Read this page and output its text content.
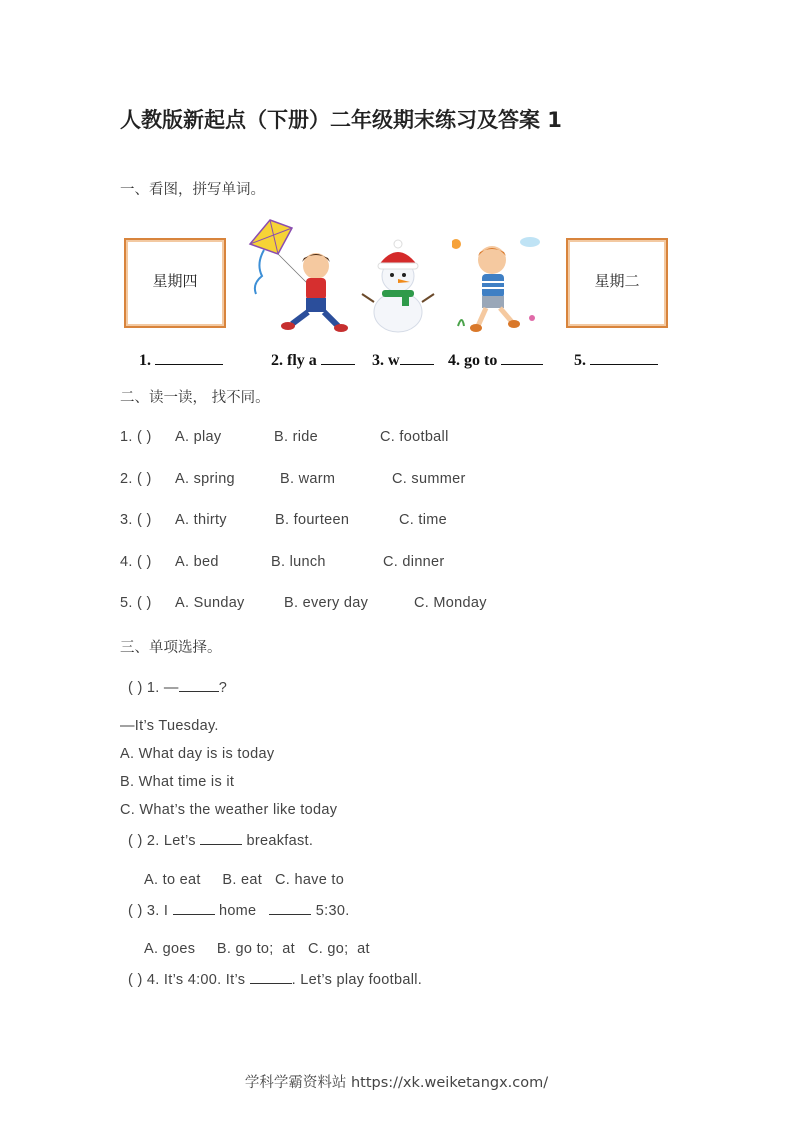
人教版新起点（下册）二年级期末练习及答案 1
一、看图，拼写单词。
星期四	星期二
1.	2. fly a	3. w	4. go to	5.
二、读一读， 找不同。
1. ( ) A. play	B. ride	C. football
2. ( ) A. spring	B. warm	C. summer
3. ( ) A. thirty	B. fourteen	C. time
4. ( ) A. bed	B. lunch	C. dinner
5. ( ) A. Sunday	B. every day	C. Monday
三、单项选择。
( ) 1. —	?
—It’s Tuesday.
A. What day is is today
B. What time is it
C. What’s the weather like today
( ) 2. Let’s	breakfast.
A. to eat     B. eat   C. have to
( ) 3. I	home	5:30.
A. goes     B. go to;  at   C. go;  at
( ) 4. It’s 4:00. It’s	. Let’s play football.
学科学霸资料站 https://xk.weiketangx.com/
